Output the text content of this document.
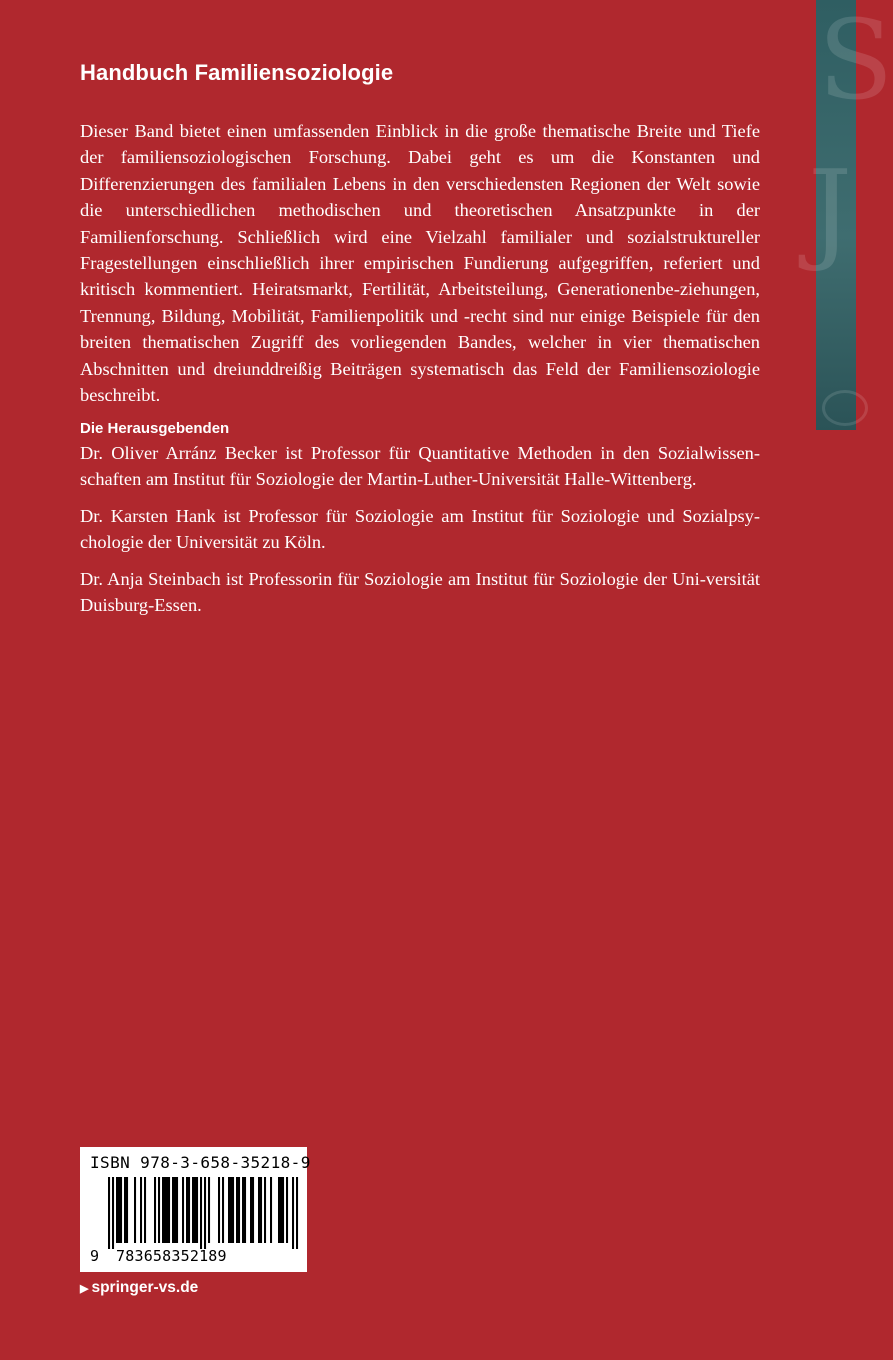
S
J
Handbuch Familiensoziologie

Dieser Band bietet einen umfassenden Einblick in die große thematische Breite und Tiefe der familiensoziologischen Forschung. Dabei geht es um die Konstanten und Differenzierungen des familialen Lebens in den verschiedensten Regionen der Welt sowie die unterschiedlichen methodischen und theoretischen Ansatzpunkte in der Familienforschung. Schließlich wird eine Vielzahl familialer und sozialstruktureller Fragestellungen einschließlich ihrer empirischen Fundierung aufgegriffen, referiert und kritisch kommentiert. Heiratsmarkt, Fertilität, Arbeitsteilung, Generationenbe-ziehungen, Trennung, Bildung, Mobilität, Familienpolitik und -recht sind nur einige Beispiele für den breiten thematischen Zugriff des vorliegenden Bandes, welcher in vier thematischen Abschnitten und dreiunddreißig Beiträgen systematisch das Feld der Familiensoziologie beschreibt.

Die Herausgebenden

Dr. Oliver Arránz Becker ist Professor für Quantitative Methoden in den Sozialwissen-schaften am Institut für Soziologie der Martin-Luther-Universität Halle-Wittenberg.

Dr. Karsten Hank ist Professor für Soziologie am Institut für Soziologie und Sozialpsy-chologie der Universität zu Köln.

Dr. Anja Steinbach ist Professorin für Soziologie am Institut für Soziologie der Uni-versität Duisburg-Essen.

ISBN 978-3-658-35218-9
9 783658352189
▶ springer-vs.de
